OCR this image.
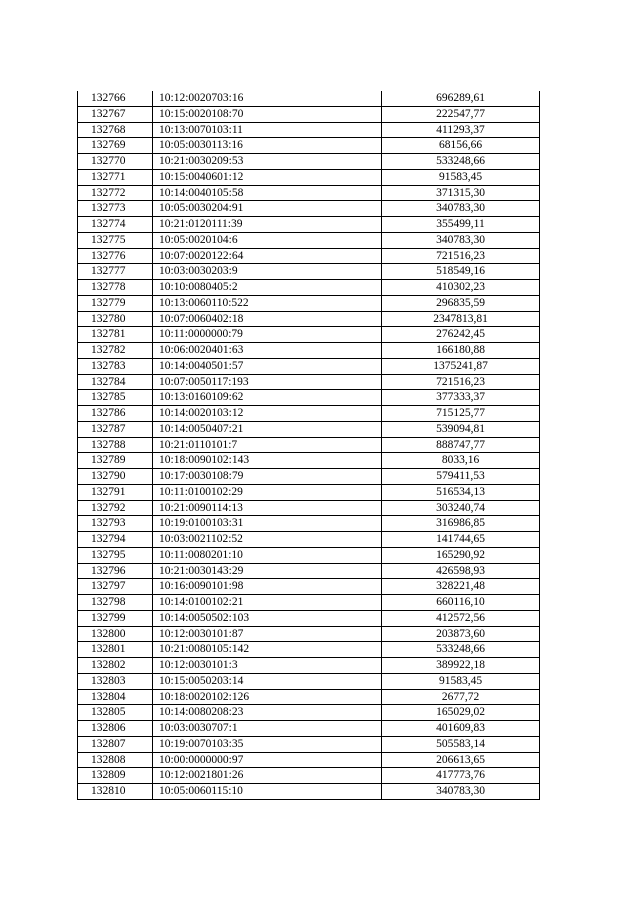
132766	10:12:0020703:16	696289,61
132767	10:15:0020108:70	222547,77
132768	10:13:0070103:11	411293,37
132769	10:05:0030113:16	68156,66
132770	10:21:0030209:53	533248,66
132771	10:15:0040601:12	91583,45
132772	10:14:0040105:58	371315,30
132773	10:05:0030204:91	340783,30
132774	10:21:0120111:39	355499,11
132775	10:05:0020104:6	340783,30
132776	10:07:0020122:64	721516,23
132777	10:03:0030203:9	518549,16
132778	10:10:0080405:2	410302,23
132779	10:13:0060110:522	296835,59
132780	10:07:0060402:18	2347813,81
132781	10:11:0000000:79	276242,45
132782	10:06:0020401:63	166180,88
132783	10:14:0040501:57	1375241,87
132784	10:07:0050117:193	721516,23
132785	10:13:0160109:62	377333,37
132786	10:14:0020103:12	715125,77
132787	10:14:0050407:21	539094,81
132788	10:21:0110101:7	888747,77
132789	10:18:0090102:143	8033,16
132790	10:17:0030108:79	579411,53
132791	10:11:0100102:29	516534,13
132792	10:21:0090114:13	303240,74
132793	10:19:0100103:31	316986,85
132794	10:03:0021102:52	141744,65
132795	10:11:0080201:10	165290,92
132796	10:21:0030143:29	426598,93
132797	10:16:0090101:98	328221,48
132798	10:14:0100102:21	660116,10
132799	10:14:0050502:103	412572,56
132800	10:12:0030101:87	203873,60
132801	10:21:0080105:142	533248,66
132802	10:12:0030101:3	389922,18
132803	10:15:0050203:14	91583,45
132804	10:18:0020102:126	2677,72
132805	10:14:0080208:23	165029,02
132806	10:03:0030707:1	401609,83
132807	10:19:0070103:35	505583,14
132808	10:00:0000000:97	206613,65
132809	10:12:0021801:26	417773,76
132810	10:05:0060115:10	340783,30
